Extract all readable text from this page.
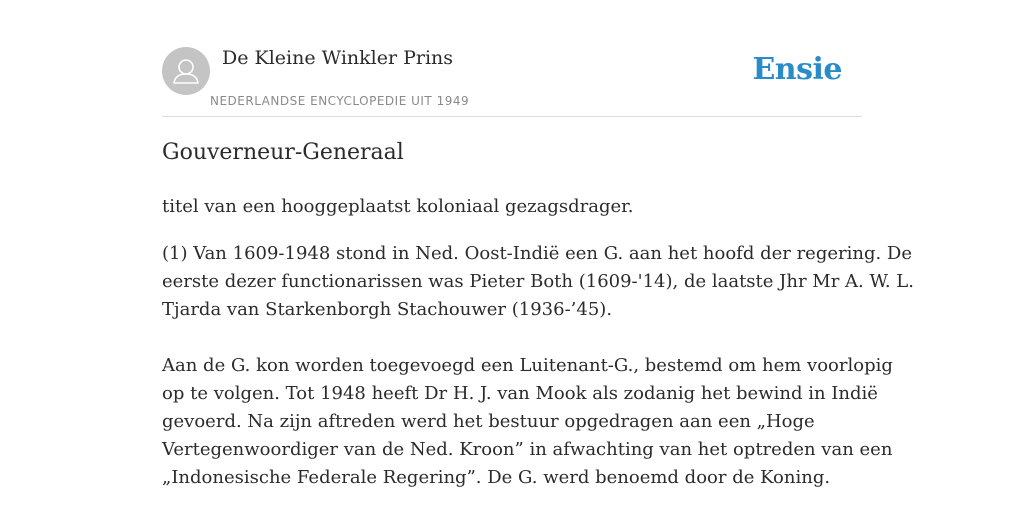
De Kleine Winkler Prins
NEDERLANDSE ENCYCLOPEDIE UIT 1949
Ensie
Gouverneur-Generaal

titel van een hooggeplaatst koloniaal gezagsdrager.

(1) Van 1609-1948 stond in Ned. Oost-Indië een G. aan het hoofd der regering. De
eerste dezer functionarissen was Pieter Both (1609-'14), de laatste Jhr Mr A. W. L.
Tjarda van Starkenborgh Stachouwer (1936-’45).

Aan de G. kon worden toegevoegd een Luitenant-G., bestemd om hem voorlopig
op te volgen. Tot 1948 heeft Dr H. J. van Mook als zodanig het bewind in Indië
gevoerd. Na zijn aftreden werd het bestuur opgedragen aan een „Hoge
Vertegenwoordiger van de Ned. Kroon” in afwachting van het optreden van een
„Indonesische Federale Regering”. De G. werd benoemd door de Koning.
